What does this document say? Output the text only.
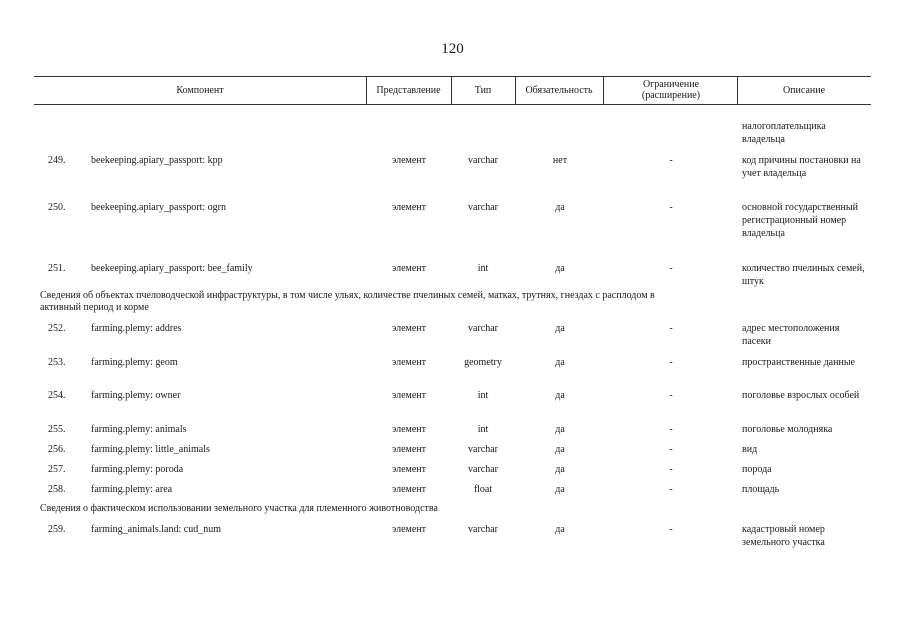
120
Компонент	Представление	Тип	Обязательность	Ограничение (расширение)	Описание
налогоплательщика владельца
249.	beekeeping.apiary_passport: kpp	элемент	varchar	нет	-	код причины постановки на учет владельца
250.	beekeeping.apiary_passport: ogrn	элемент	varchar	да	-	основной государственный регистрационный номер владельца
251.	beekeeping.apiary_passport: bee_family	элемент	int	да	-	количество пчелиных семей, штук
Сведения об объектах пчеловодческой инфраструктуры, в том числе ульях, количестве пчелиных семей, матках, трутнях, гнездах с расплодом в активный период и корме
252.	farming.plemy: addres	элемент	varchar	да	-	адрес местоположения пасеки
253.	farming.plemy: geom	элемент	geometry	да	-	пространственные данные
254.	farming.plemy: owner	элемент	int	да	-	поголовье взрослых особей
255.	farming.plemy: animals	элемент	int	да	-	поголовье молодняка
256.	farming.plemy: little_animals	элемент	varchar	да	-	вид
257.	farming.plemy: poroda	элемент	varchar	да	-	порода
258.	farming.plemy: area	элемент	float	да	-	площадь
Сведения о фактическом использовании земельного участка для племенного животноводства
259.	farming_animals.land: cud_num	элемент	varchar	да	-	кадастровый номер земельного участка
